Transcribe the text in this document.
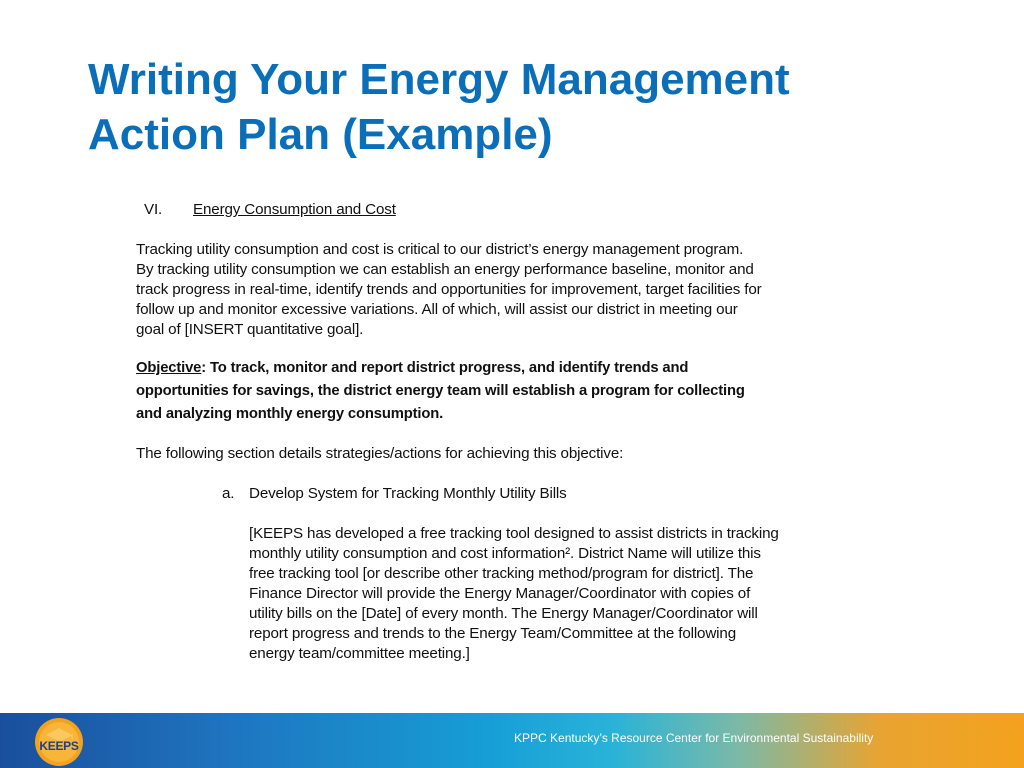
Writing Your Energy Management
Action Plan (Example)
VI. Energy Consumption and Cost
Tracking utility consumption and cost is critical to our district’s energy management program.
By tracking utility consumption we can establish an energy performance baseline, monitor and
track progress in real-time, identify trends and opportunities for improvement, target facilities for
follow up and monitor excessive variations. All of which, will assist our district in meeting our
goal of [INSERT quantitative goal].
Objective: To track, monitor and report district progress, and identify trends and
opportunities for savings, the district energy team will establish a program for collecting
and analyzing monthly energy consumption.
The following section details strategies/actions for achieving this objective:
a. Develop System for Tracking Monthly Utility Bills
[KEEPS has developed a free tracking tool designed to assist districts in tracking
monthly utility consumption and cost information². District Name will utilize this
free tracking tool [or describe other tracking method/program for district]. The
Finance Director will provide the Energy Manager/Coordinator with copies of
utility bills on the [Date] of every month. The Energy Manager/Coordinator will
report progress and trends to the Energy Team/Committee at the following
energy team/committee meeting.]
KEEPS
KPPC Kentucky’s Resource Center for Environmental Sustainability
